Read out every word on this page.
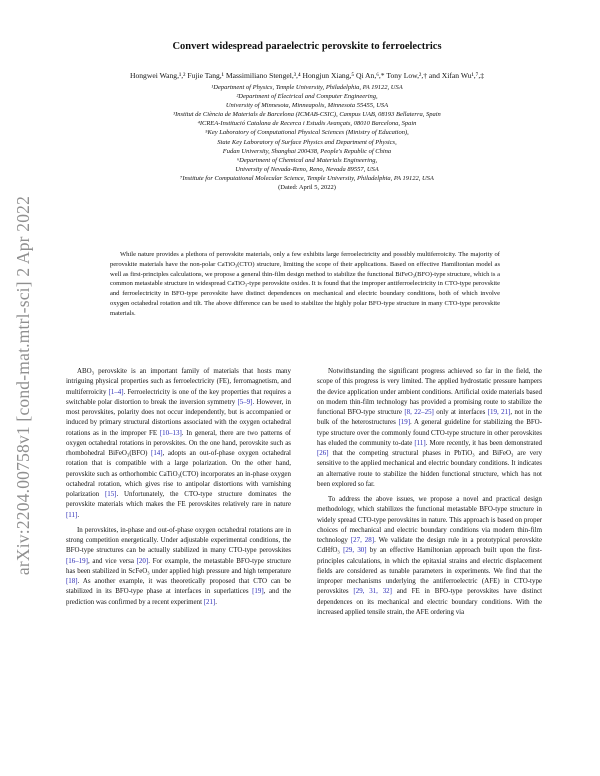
arXiv:2204.00758v1 [cond-mat.mtrl-sci] 2 Apr 2022
Convert widespread paraelectric perovskite to ferroelectrics
Hongwei Wang,¹,² Fujie Tang,¹ Massimiliano Stengel,³,⁴ Hongjun Xiang,⁵ Qi An,⁶,* Tony Low,²,† and Xifan Wu¹,⁷,‡
¹Department of Physics, Temple University, Philadelphia, PA 19122, USA
²Department of Electrical and Computer Engineering,
University of Minnesota, Minneapolis, Minnesota 55455, USA
³Institut de Ciència de Materials de Barcelona (ICMAB-CSIC), Campus UAB, 08193 Bellaterra, Spain
⁴ICREA-Institució Catalana de Recerca i Estudis Avançats, 08010 Barcelona, Spain
⁵Key Laboratory of Computational Physical Sciences (Ministry of Education),
State Key Laboratory of Surface Physics and Department of Physics,
Fudan University, Shanghai 200438, People's Republic of China
⁶Department of Chemical and Materials Engineering,
University of Nevada-Reno, Reno, Nevada 89557, USA
⁷Institute for Computational Molecular Science, Temple University, Philadelphia, PA 19122, USA
(Dated: April 5, 2022)
While nature provides a plethora of perovskite materials, only a few exhibits large ferroelectricity and possibly multiferroicity. The majority of perovskite materials have the non-polar CaTiO₃(CTO) structure, limiting the scope of their applications. Based on effective Hamiltonian model as well as first-principles calculations, we propose a general thin-film design method to stabilize the functional BiFeO₃(BFO)-type structure, which is a common metastable structure in widespread CaTiO₃-type perovskite oxides. It is found that the improper antiferroelectricity in CTO-type perovskite and ferroelectricity in BFO-type perovskite have distinct dependences on mechanical and electric boundary conditions, both of which involve oxygen octahedral rotation and tilt. The above difference can be used to stabilize the highly polar BFO-type structure in many CTO-type perovskite materials.

ABO₃ perovskite is an important family of materials that hosts many intriguing physical properties such as ferroelectricity (FE), ferromagnetism, and multiferroicity [1–4]. Ferroelectricity is one of the key properties that requires a switchable polar distortion to break the inversion symmetry [5–9]. However, in most perovskites, polarity does not occur independently, but is accompanied or induced by primary structural distortions associated with the oxygen octahedral rotations as in the improper FE [10–13]. In general, there are two patterns of oxygen octahedral rotations in perovskites. On the one hand, perovskite such as rhombohedral BiFeO₃(BFO) [14], adopts an out-of-phase oxygen octahedral rotation that is compatible with a large polarization. On the other hand, perovskite such as orthorhombic CaTiO₃(CTO) incorporates an in-phase oxygen octahedral rotation, which gives rise to antipolar distortions with varnishing polarization [15]. Unfortunately, the CTO-type structure dominates the perovskite materials which makes the FE perovskites relatively rare in nature [11].

In perovskites, in-phase and out-of-phase oxygen octahedral rotations are in strong competition energetically. Under adjustable experimental conditions, the BFO-type structures can be actually stabilized in many CTO-type perovskites [16–19], and vice versa [20]. For example, the metastable BFO-type structure has been stabilized in ScFeO₃ under applied high pressure and high temperature [18]. As another example, it was theoretically proposed that CTO can be stabilized in its BFO-type phase at interfaces in superlattices [19], and the prediction was confirmed by a recent experiment [21].

Notwithstanding the significant progress achieved so far in the field, the scope of this progress is very limited. The applied hydrostatic pressure hampers the device application under ambient conditions. Artificial oxide materials based on modern thin-film technology has provided a promising route to stabilize the functional BFO-type structure [8, 22–25] only at interfaces [19, 21], not in the bulk of the heterostructures [19]. A general guideline for stabilizing the BFO-type structure over the commonly found CTO-type structure in other perovskites has eluded the community to-date [11]. More recently, it has been demonstrated [26] that the competing structural phases in PbTiO₃ and BiFeO₃ are very sensitive to the applied mechanical and electric boundary conditions. It indicates an alternative route to stabilize the hidden functional structure, which has not been explored so far.

To address the above issues, we propose a novel and practical design methodology, which stabilizes the functional metastable BFO-type structure in widely spread CTO-type perovskites in nature. This approach is based on proper choices of mechanical and electric boundary conditions via modern thin-film technology [27, 28]. We validate the design rule in a prototypical perovskite CdHfO₃ [29, 30] by an effective Hamiltonian approach built upon the first-principles calculations, in which the epitaxial strains and electric displacement fields are considered as tunable parameters in experiments. We find that the improper mechanisms underlying the antiferroelectric (AFE) in CTO-type perovskites [29, 31, 32] and FE in BFO-type perovskites have distinct dependences on its mechanical and electric boundary conditions. With the increased applied tensile strain, the AFE ordering via
